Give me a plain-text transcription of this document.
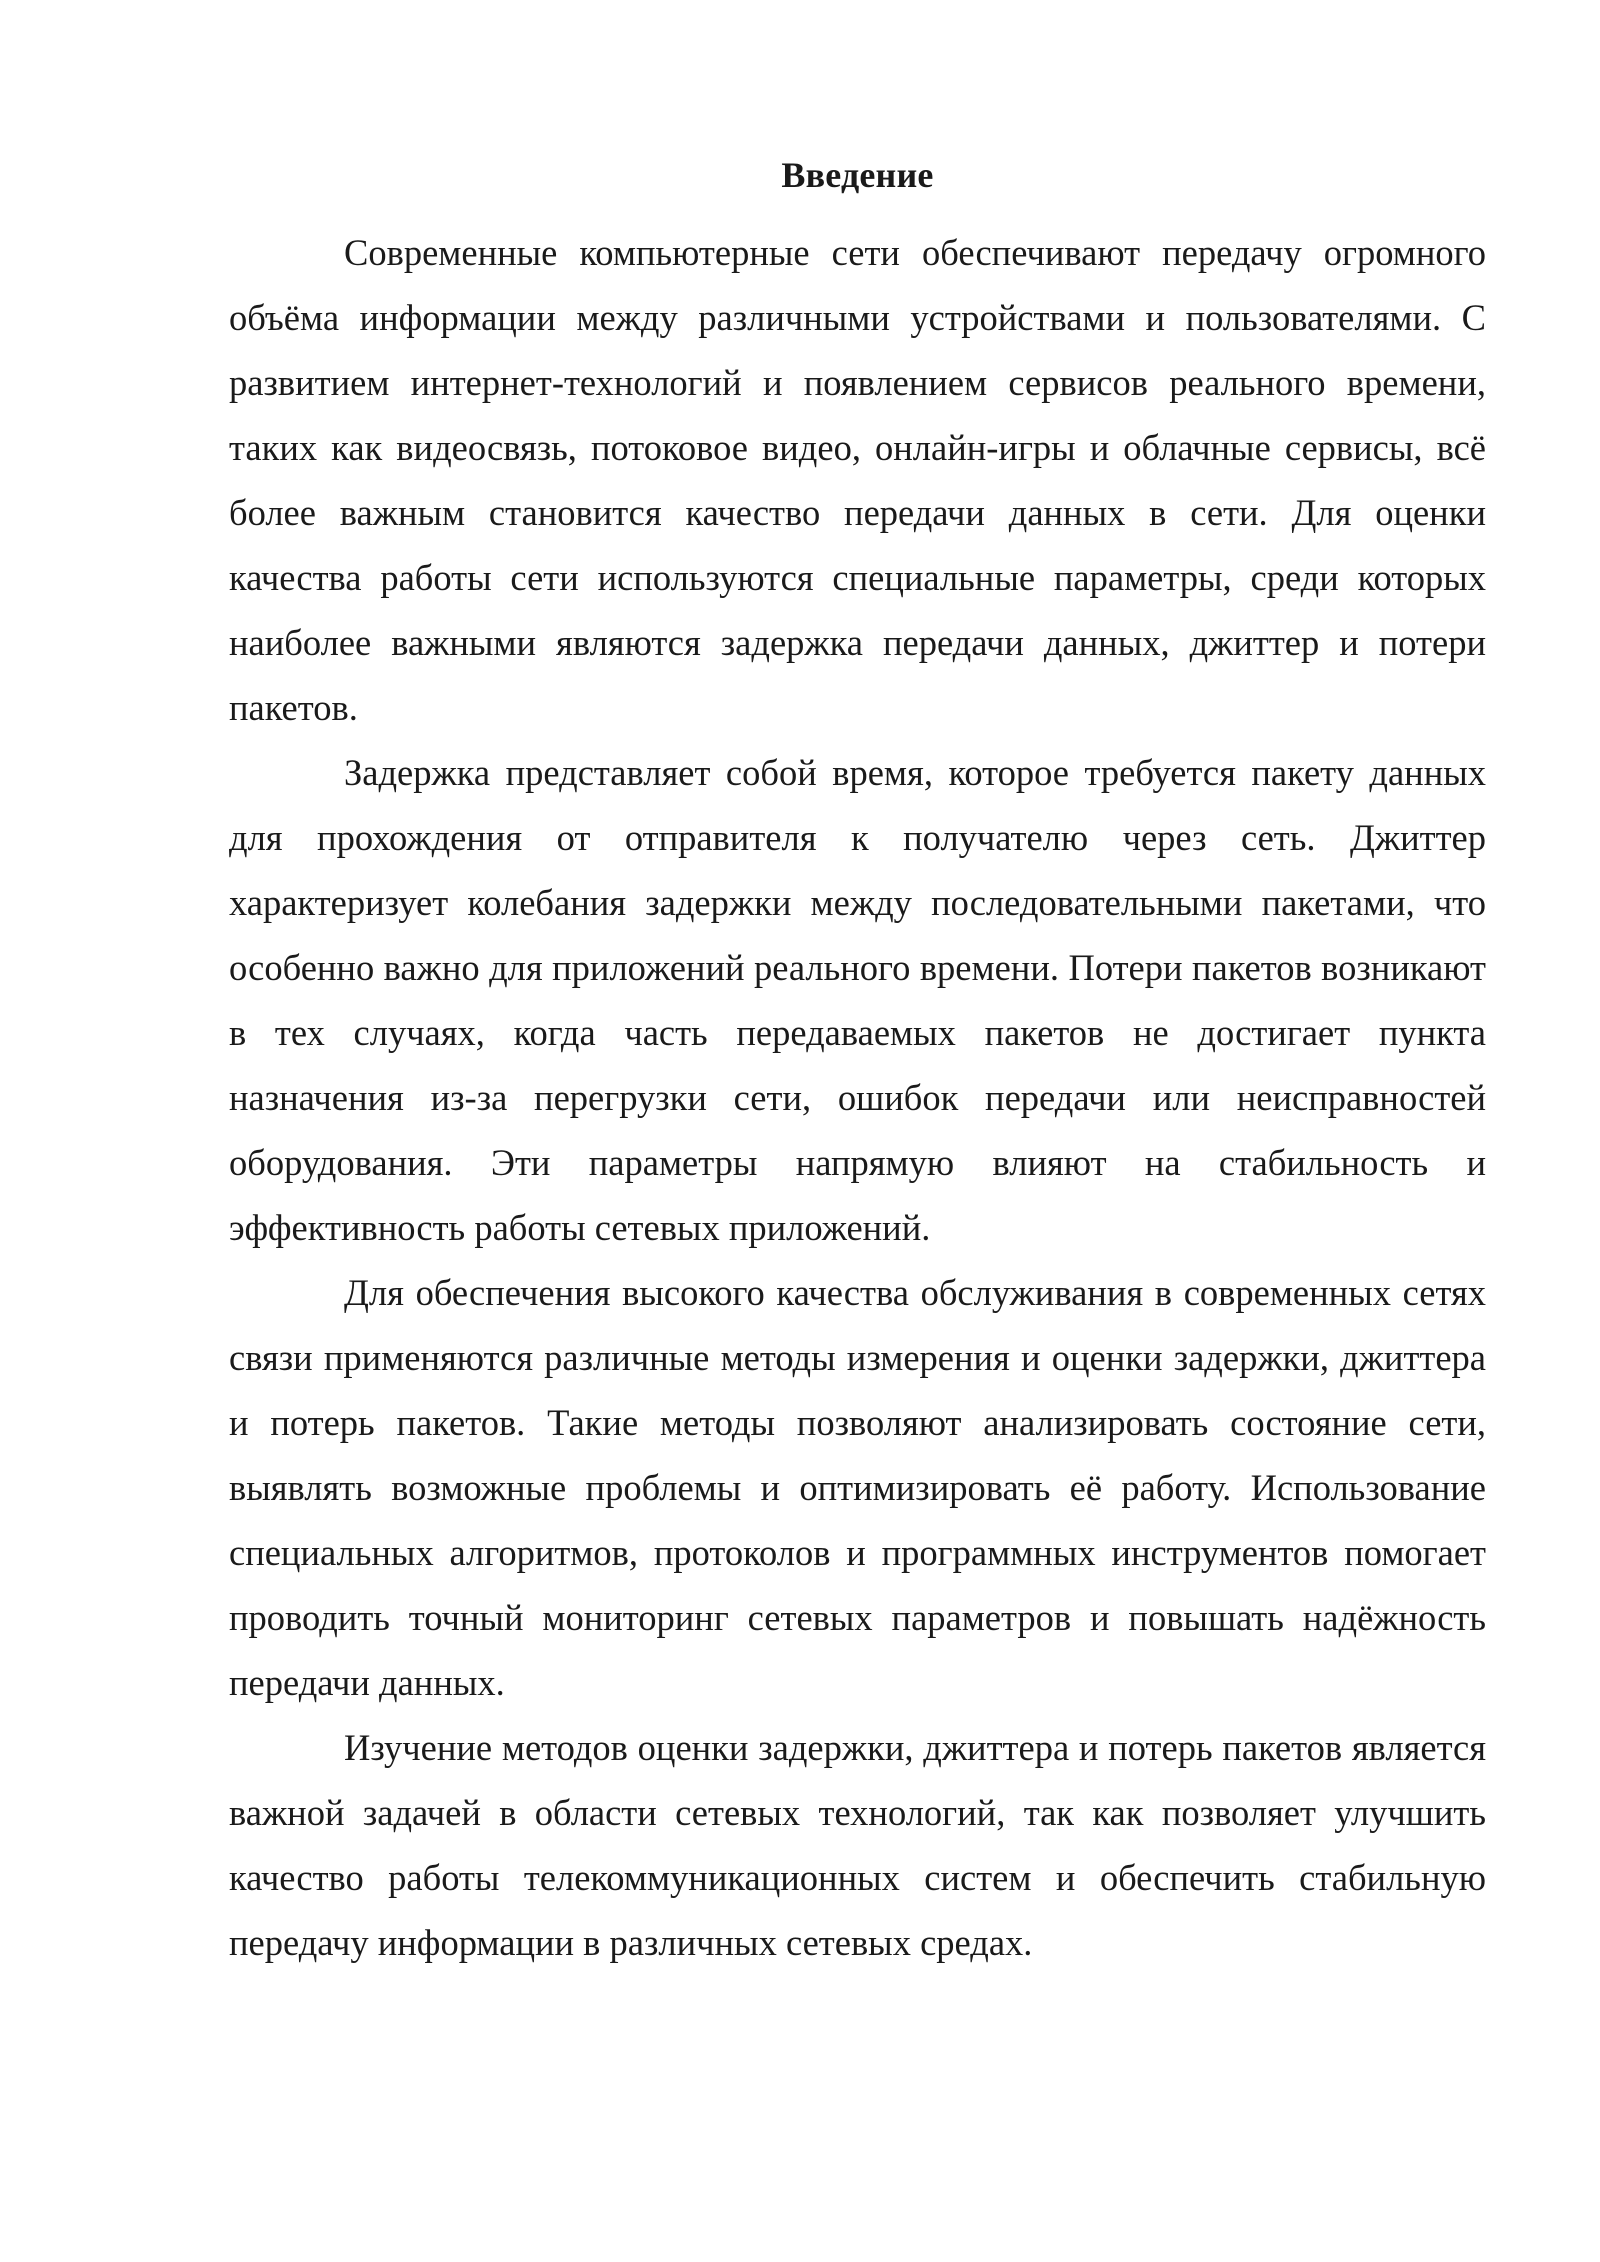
Введение

Современные компьютерные сети обеспечивают передачу огромного объёма информации между различными устройствами и пользователями. С развитием интернет-технологий и появлением сервисов реального времени, таких как видеосвязь, потоковое видео, онлайн-игры и облачные сервисы, всё более важным становится качество передачи данных в сети. Для оценки качества работы сети используются специальные параметры, среди которых наиболее важными являются задержка передачи данных, джиттер и потери пакетов.

Задержка представляет собой время, которое требуется пакету данных для прохождения от отправителя к получателю через сеть. Джиттер характеризует колебания задержки между последовательными пакетами, что особенно важно для приложений реального времени. Потери пакетов возникают в тех случаях, когда часть передаваемых пакетов не достигает пункта назначения из-за перегрузки сети, ошибок передачи или неисправностей оборудования. Эти параметры напрямую влияют на стабильность и эффективность работы сетевых приложений.

Для обеспечения высокого качества обслуживания в современных сетях связи применяются различные методы измерения и оценки задержки, джиттера и потерь пакетов. Такие методы позволяют анализировать состояние сети, выявлять возможные проблемы и оптимизировать её работу. Использование специальных алгоритмов, протоколов и программных инструментов помогает проводить точный мониторинг сетевых параметров и повышать надёжность передачи данных.

Изучение методов оценки задержки, джиттера и потерь пакетов является важной задачей в области сетевых технологий, так как позволяет улучшить качество работы телекоммуникационных систем и обеспечить стабильную передачу информации в различных сетевых средах.
